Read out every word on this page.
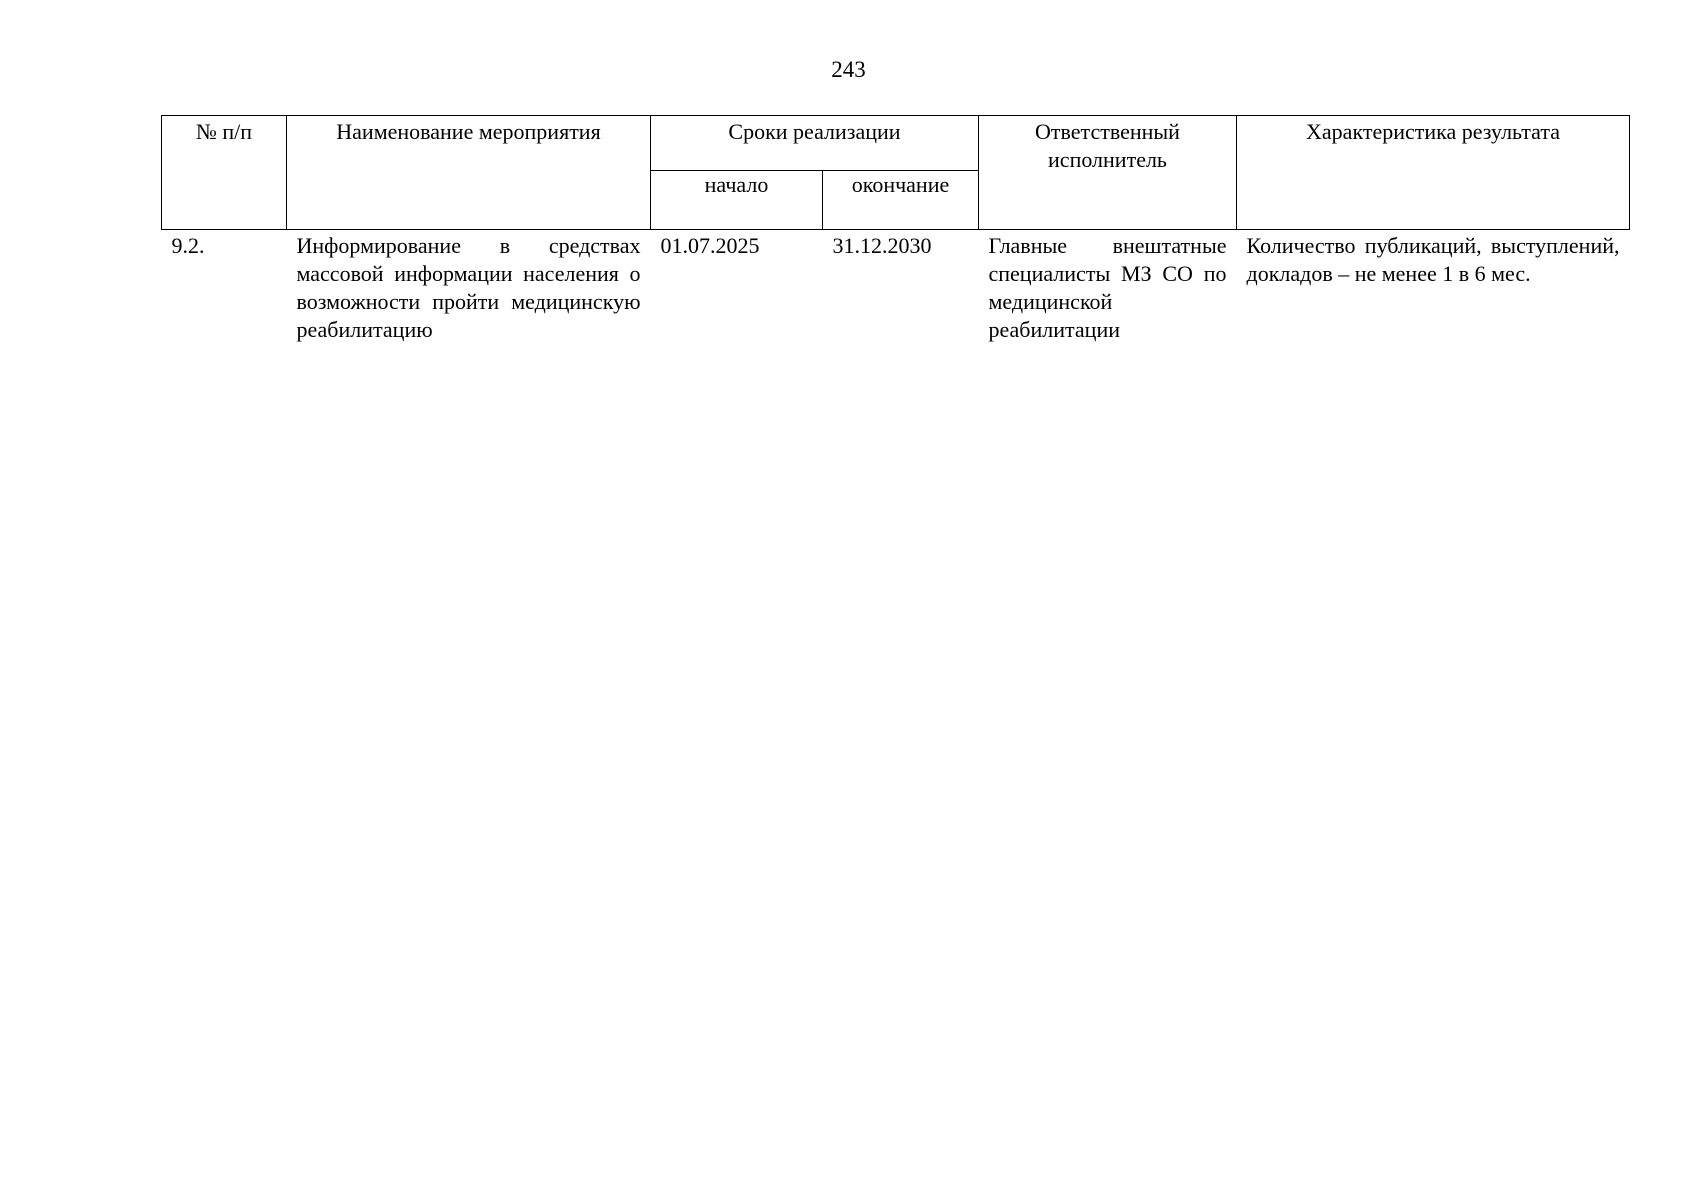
243
№ п/п	Наименование мероприятия	Сроки реализации		Ответственный исполнитель	Характеристика результата
		начало	окончание		
9.2.	Информирование в средствах массовой информации населения о возможности пройти медицинскую реабилитацию	01.07.2025	31.12.2030	Главные внештатные специалисты МЗ СО по медицинской реабилитации	Количество публикаций, выступлений, докладов – не менее 1 в 6 мес.
